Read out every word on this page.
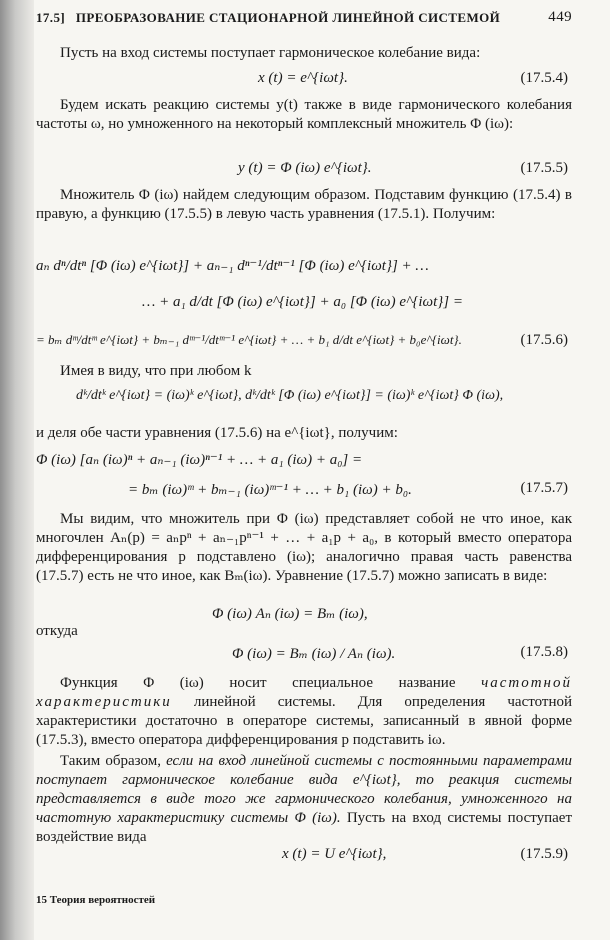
17.5] ПРЕОБРАЗОВАНИЕ СТАЦИОНАРНОЙ ЛИНЕЙНОЙ СИСТЕМОЙ	449
Пусть на вход системы поступает гармоническое колебание вида:
x (t) = e^{iωt}.	(17.5.4)
Будем искать реакцию системы y(t) также в виде гармонического колебания частоты ω, но умноженного на некоторый комплексный множитель Φ (iω):
y (t) = Φ (iω) e^{iωt}.	(17.5.5)
Множитель Φ (iω) найдем следующим образом. Подставим функцию (17.5.4) в правую, а функцию (17.5.5) в левую часть уравнения (17.5.1). Получим:
aₙ dⁿ/dtⁿ [Φ (iω) e^{iωt}] + aₙ₋₁ dⁿ⁻¹/dtⁿ⁻¹ [Φ (iω) e^{iωt}] + …
… + a₁ d/dt [Φ (iω) e^{iωt}] + a₀ [Φ (iω) e^{iωt}] =
= bₘ dᵐ/dtᵐ e^{iωt} + bₘ₋₁ dᵐ⁻¹/dtᵐ⁻¹ e^{iωt} + … + b₁ d/dt e^{iωt} + b₀e^{iωt}.	(17.5.6)
Имея в виду, что при любом k
dᵏ/dtᵏ e^{iωt} = (iω)ᵏ e^{iωt}, dᵏ/dtᵏ [Φ (iω) e^{iωt}] = (iω)ᵏ e^{iωt} Φ (iω),
и деля обе части уравнения (17.5.6) на e^{iωt}, получим:
Φ (iω) [aₙ (iω)ⁿ + aₙ₋₁ (iω)ⁿ⁻¹ + … + a₁ (iω) + a₀] =
= bₘ (iω)ᵐ + bₘ₋₁ (iω)ᵐ⁻¹ + … + b₁ (iω) + b₀.	(17.5.7)
Мы видим, что множитель при Φ (iω) представляет собой не что иное, как многочлен Aₙ(p) = aₙpⁿ + aₙ₋₁pⁿ⁻¹ + … + a₁p + a₀, в который вместо оператора дифференцирования p подставлено (iω); аналогично правая часть равенства (17.5.7) есть не что иное, как Bₘ(iω). Уравнение (17.5.7) можно записать в виде:
Φ (iω) Aₙ (iω) = Bₘ (iω),
откуда
Φ (iω) = Bₘ (iω) / Aₙ (iω).	(17.5.8)
Функция Φ (iω) носит специальное название частотной характеристики линейной системы. Для определения частотной характеристики достаточно в операторе системы, записанный в явной форме (17.5.3), вместо оператора дифференцирования p подставить iω.
Таким образом, если на вход линейной системы с постоянными параметрами поступает гармоническое колебание вида e^{iωt}, то реакция системы представляется в виде того же гармонического колебания, умноженного на частотную характеристику системы Φ (iω). Пусть на вход системы поступает воздействие вида
x (t) = U e^{iωt},	(17.5.9)
15 Теория вероятностей
